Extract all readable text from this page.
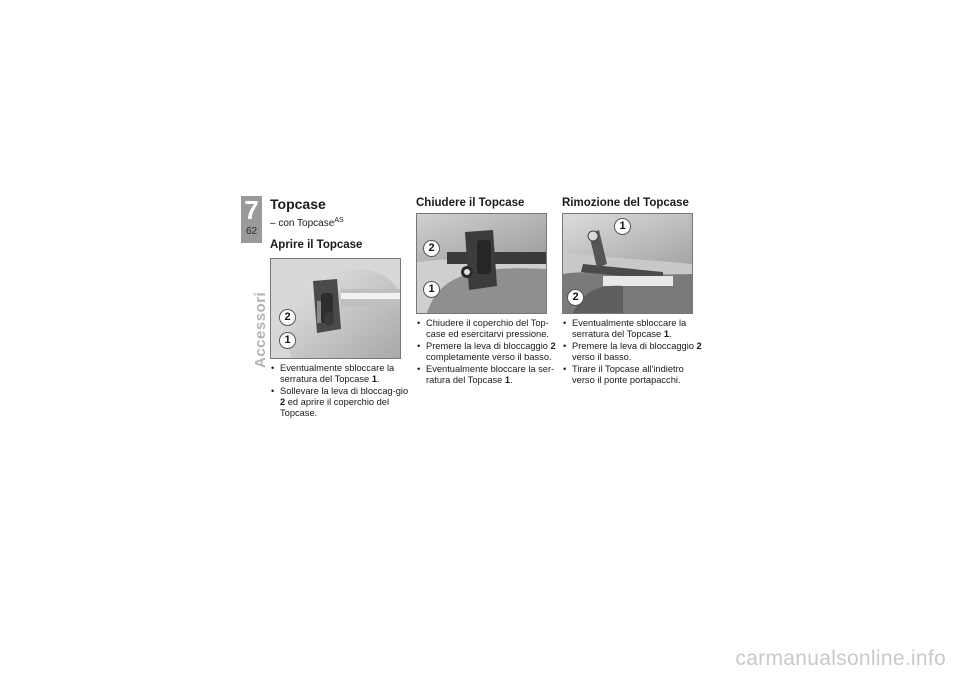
7
62
Accessori
Topcase
– con Topcase$^{AS}$
Aprire il Topcase
2
1
• Eventualmente sbloccare la serratura del Topcase 1.
• Sollevare la leva di bloccag-gio 2 ed aprire il coperchio del Topcase.
Chiudere il Topcase
2
1
• Chiudere il coperchio del Top-case ed esercitarvi pressione.
• Premere la leva di bloccaggio 2 completamente verso il basso.
• Eventualmente bloccare la ser-ratura del Topcase 1.
Rimozione del Topcase
1
2
• Eventualmente sbloccare la serratura del Topcase 1.
• Premere la leva di bloccaggio 2 verso il basso.
• Tirare il Topcase all'indietro verso il ponte portapacchi.
carmanualsonline.info
